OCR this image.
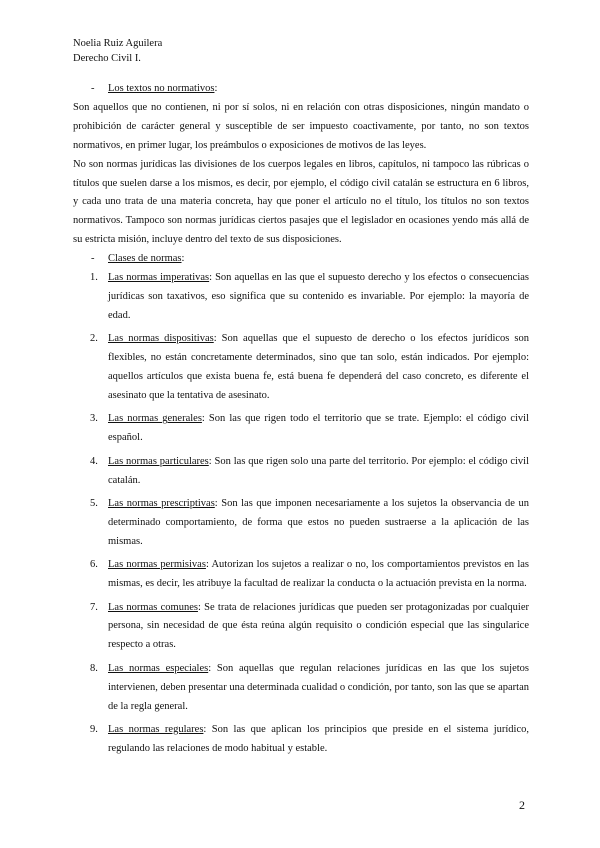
Noelia Ruiz Aguilera
Derecho Civil I.
- Los textos no normativos:

Son aquellos que no contienen, ni por sí solos, ni en relación con otras disposiciones, ningún mandato o prohibición de carácter general y susceptible de ser impuesto coactivamente, por tanto, no son textos normativos, en primer lugar, los preámbulos o exposiciones de motivos de las leyes.

No son normas jurídicas las divisiones de los cuerpos legales en libros, capítulos, ni tampoco las rúbricas o títulos que suelen darse a los mismos, es decir, por ejemplo, el código civil catalán se estructura en 6 libros, y cada uno trata de una materia concreta, hay que poner el artículo no el título, los títulos no son textos normativos. Tampoco son normas jurídicas ciertos pasajes que el legislador en ocasiones yendo más allá de su estricta misión, incluye dentro del texto de sus disposiciones.

- Clases de normas:
1. Las normas imperativas: Son aquellas en las que el supuesto derecho y los efectos o consecuencias jurídicas son taxativos, eso significa que su contenido es invariable. Por ejemplo: la mayoría de edad.
2. Las normas dispositivas: Son aquellas que el supuesto de derecho o los efectos jurídicos son flexibles, no están concretamente determinados, sino que tan solo, están indicados. Por ejemplo: aquellos artículos que exista buena fe, está buena fe dependerá del caso concreto, es diferente el asesinato que la tentativa de asesinato.
3. Las normas generales: Son las que rigen todo el territorio que se trate. Ejemplo: el código civil español.
4. Las normas particulares: Son las que rigen solo una parte del territorio. Por ejemplo: el código civil catalán.
5. Las normas prescriptivas: Son las que imponen necesariamente a los sujetos la observancia de un determinado comportamiento, de forma que estos no pueden sustraerse a la aplicación de las mismas.
6. Las normas permisivas: Autorizan los sujetos a realizar o no, los comportamientos previstos en las mismas, es decir, les atribuye la facultad de realizar la conducta o la actuación prevista en la norma.
7. Las normas comunes: Se trata de relaciones jurídicas que pueden ser protagonizadas por cualquier persona, sin necesidad de que ésta reúna algún requisito o condición especial que las singularice respecto a otras.
8. Las normas especiales: Son aquellas que regulan relaciones jurídicas en las que los sujetos intervienen, deben presentar una determinada cualidad o condición, por tanto, son las que se apartan de la regla general.
9. Las normas regulares: Son las que aplican los principios que preside en el sistema jurídico, regulando las relaciones de modo habitual y estable.
2
